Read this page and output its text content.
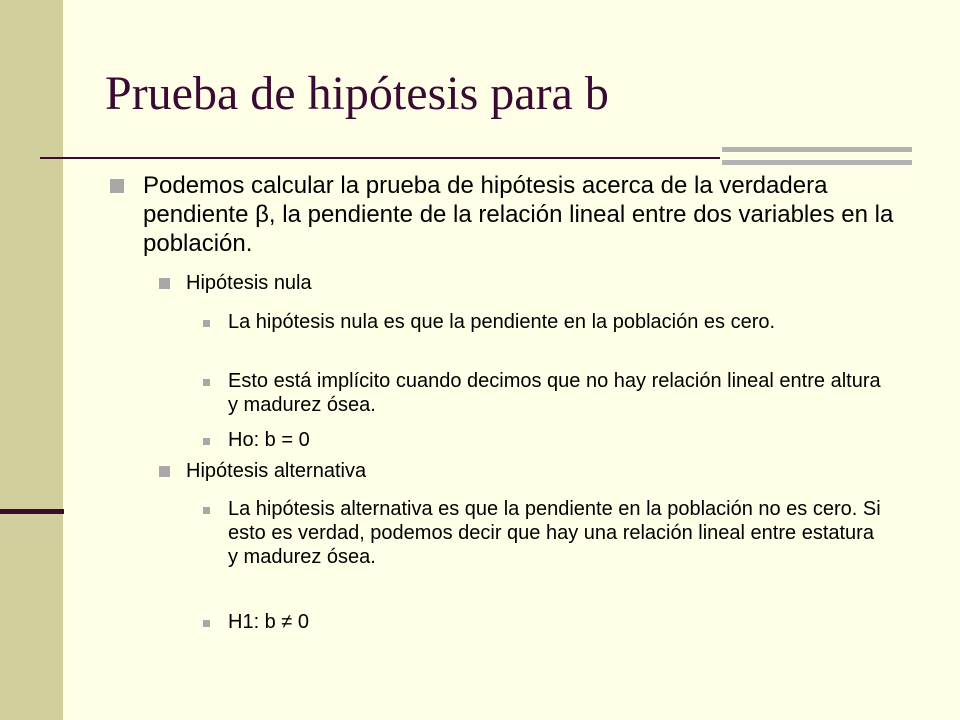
Prueba de hipótesis para b
Podemos calcular la prueba de hipótesis acerca de la verdadera pendiente β, la pendiente de la relación lineal entre dos variables en la población.
Hipótesis nula
La hipótesis nula es que la pendiente en la población es cero.
Esto está implícito cuando decimos que no hay relación lineal entre altura y madurez ósea.
Ho: b = 0
Hipótesis alternativa
La hipótesis alternativa es que la pendiente en la población no es cero. Si esto es verdad, podemos decir que hay una relación lineal entre estatura y madurez ósea.
H1: b ≠ 0
